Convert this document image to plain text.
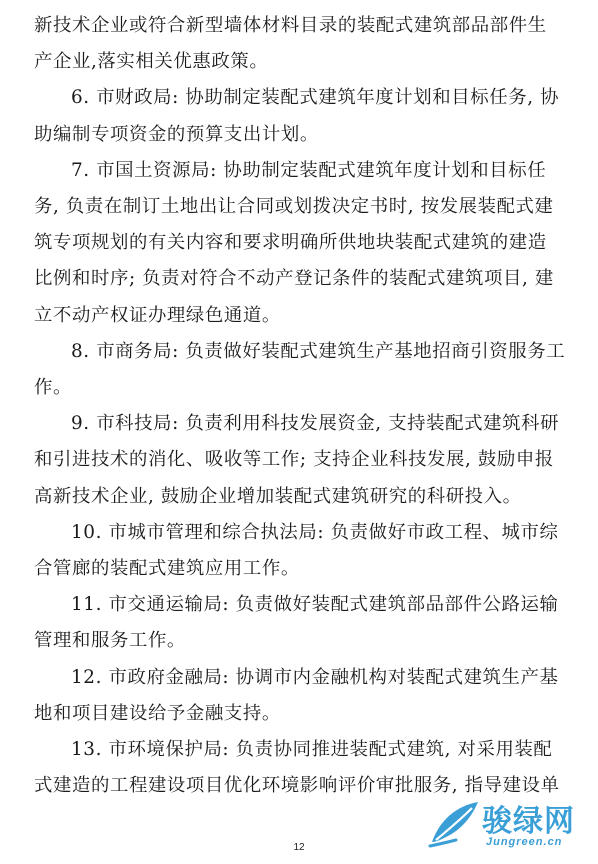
新技术企业或符合新型墙体材料目录的装配式建筑部品部件生
产企业,落实相关优惠政策。

6. 市财政局: 协助制定装配式建筑年度计划和目标任务, 协
助编制专项资金的预算支出计划。

7. 市国土资源局: 协助制定装配式建筑年度计划和目标任
务, 负责在制订土地出让合同或划拨决定书时, 按发展装配式建
筑专项规划的有关内容和要求明确所供地块装配式建筑的建造
比例和时序; 负责对符合不动产登记条件的装配式建筑项目, 建
立不动产权证办理绿色通道。

8. 市商务局: 负责做好装配式建筑生产基地招商引资服务工
作。

9. 市科技局: 负责利用科技发展资金, 支持装配式建筑科研
和引进技术的消化、吸收等工作; 支持企业科技发展, 鼓励申报
高新技术企业, 鼓励企业增加装配式建筑研究的科研投入。

10. 市城市管理和综合执法局: 负责做好市政工程、城市综
合管廊的装配式建筑应用工作。

11. 市交通运输局: 负责做好装配式建筑部品部件公路运输
管理和服务工作。

12. 市政府金融局: 协调市内金融机构对装配式建筑生产基
地和项目建设给予金融支持。

13. 市环境保护局: 负责协同推进装配式建筑, 对采用装配
式建造的工程建设项目优化环境影响评价审批服务, 指导建设单

12
骏绿网
Jungreen.cn
